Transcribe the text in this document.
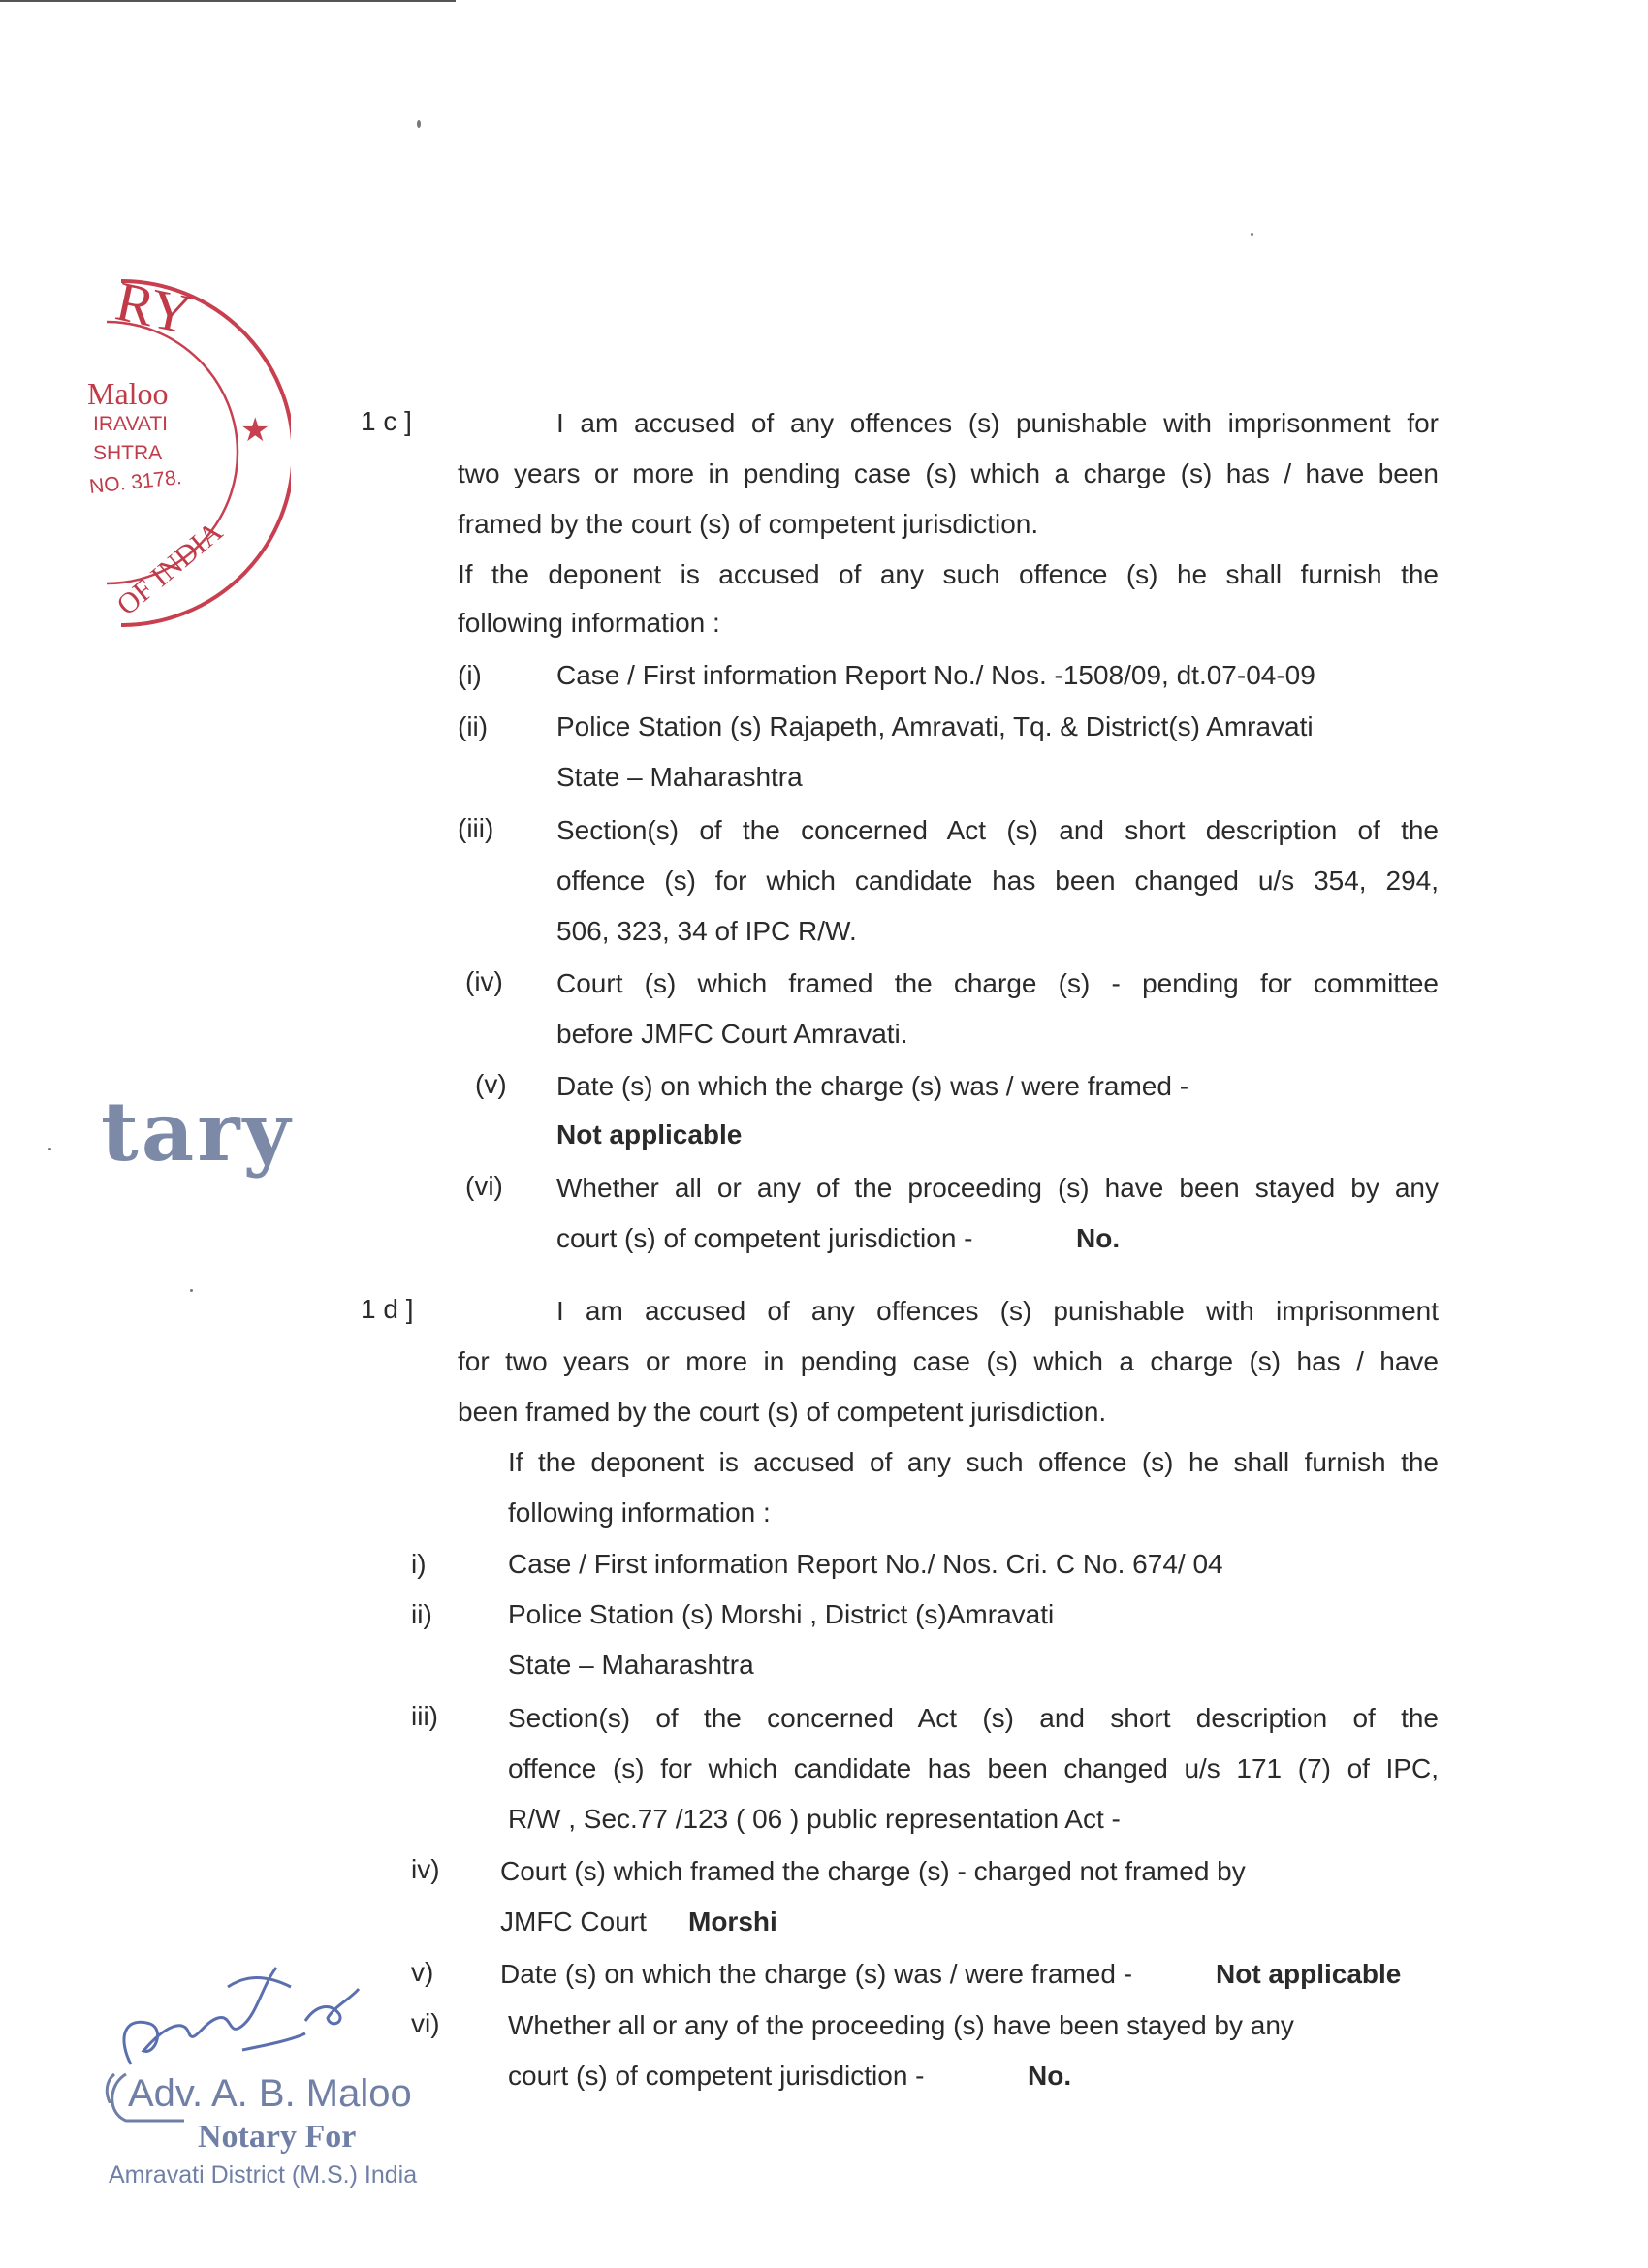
★
RY
Maloo
IRAVATI
SHTRA
NO. 3178.
OF INDIA
tary
1 c ]	I am accused of any offences (s) punishable with imprisonment for
two years or more in pending case (s) which a charge (s) has / have been
framed by the court (s) of competent jurisdiction.
If the deponent is accused of any such offence (s) he shall furnish the
following information :
(i)	Case / First information Report No./ Nos. -1508/09, dt.07-04-09
(ii)	Police Station (s) Rajapeth, Amravati, Tq. & District(s) Amravati
State – Maharashtra
(iii) Section(s) of the concerned Act (s) and short description of the
offence (s) for which candidate has been changed u/s 354, 294,
506, 323, 34 of IPC R/W.
(iv) Court (s) which framed the charge (s) - pending for committee
before JMFC Court Amravati.
(v) Date (s) on which the charge (s) was / were framed -
Not applicable
(vi) Whether all or any of the proceeding (s) have been stayed by any
court (s) of competent jurisdiction -	No.
1 d ]	I am accused of any offences (s) punishable with imprisonment
for two years or more in pending case (s) which a charge (s) has / have
been framed by the court (s) of competent jurisdiction.
If the deponent is accused of any such offence (s) he shall furnish the
following information :
i)	Case / First information Report No./ Nos. Cri. C No. 674/ 04
ii)	Police Station (s) Morshi , District (s)Amravati
State – Maharashtra
iii)	Section(s) of the concerned Act (s) and short description of the
offence (s) for which candidate has been changed u/s 171 (7) of IPC,
R/W , Sec.77 /123 ( 06 ) public representation Act -
iv) Court (s) which framed the charge (s) - charged not framed by
JMFC Court Morshi
v) Date (s) on which the charge (s) was / were framed -	Not applicable
vi)	Whether all or any of the proceeding (s) have been stayed by any
court (s) of competent jurisdiction -	No.
Adv. A. B. Maloo
Notary For
Amravati District (M.S.) India
